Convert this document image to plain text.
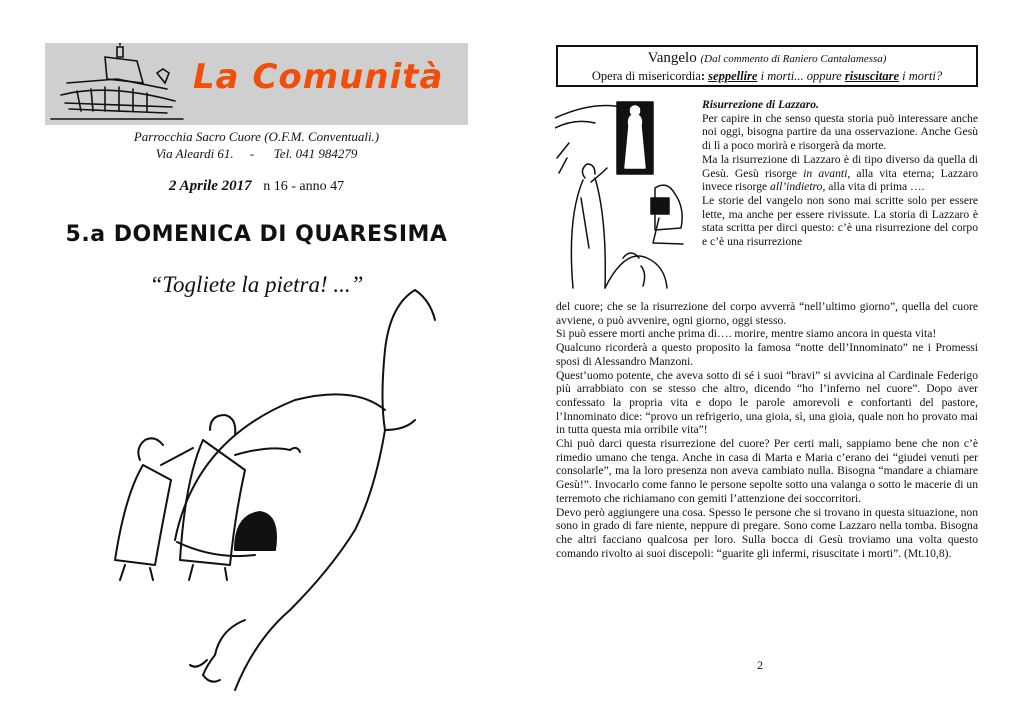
La Comunità
Parrocchia Sacro Cuore (O.F.M. Conventuali.)
Via Aleardi 61.     -      Tel. 041 984279
2 Aprile 2017 n 16 - anno 47
5.a DOMENICA DI QUARESIMA
“Togliete la pietra! ...”
Vangelo (Dal commento di Raniero Cantalamessa)
Opera di misericordia: seppellire i morti... oppure risuscitare i morti?

Risurrezione di Lazzaro.

Per capire in che senso questa storia può interessare anche noi oggi, bisogna partire da una osservazione. Anche Gesù di lì a poco morirà e risorgerà da morte.

Ma la risurrezione di Lazzaro è di tipo diverso da quella di Gesù. Gesù risorge in avanti, alla vita eterna; Lazzaro invece risorge all’indietro, alla vita di prima ….

Le storie del vangelo non sono mai scritte solo per essere lette, ma anche per essere rivissute. La storia di Lazzaro è stata scritta per dirci questo: c’è una risurrezione del corpo e c’è una risurrezione

del cuore; che se la risurrezione del corpo avverrà “nell’ultimo giorno”, quella del cuore avviene, o può avvenire, ogni giorno, oggi stesso.

Si può essere morti anche prima di…. morire, mentre siamo ancora in questa vita!

Qualcuno ricorderà a questo proposito la famosa “notte dell’Innominato” ne i Promessi sposi di Alessandro Manzoni.

Quest’uomo potente, che aveva sotto di sé i suoi “bravi” si avvicina al Cardinale Federigo più arrabbiato con se stesso che altro, dicendo “ho l’inferno nel cuore”. Dopo aver confessato la propria vita e dopo le parole amorevoli e confortanti del pastore, l’Innominato dice: “provo un refrigerio, una gioia, sì, una gioia, quale non ho provato mai in tutta questa mia orribile vita”!

Chi può darci questa risurrezione del cuore? Per certi mali, sappiamo bene che non c’è rimedio umano che tenga. Anche in casa di Marta e Maria c’erano dei “giudei venuti per consolarle”, ma la loro presenza non aveva cambiato nulla. Bisogna “mandare a chiamare Gesù!”. Invocarlo come fanno le persone sepolte sotto una valanga o sotto le macerie di un terremoto che richiamano con gemiti l’attenzione dei soccorritori.

Devo però aggiungere una cosa. Spesso le persone che si trovano in questa situazione, non sono in grado di fare niente, neppure di pregare. Sono come Lazzaro nella tomba. Bisogna che altri facciano qualcosa per loro. Sulla bocca di Gesù troviamo una volta questo comando rivolto ai suoi discepoli: “guarite gli infermi, risuscitate i morti”. (Mt.10,8).

2
